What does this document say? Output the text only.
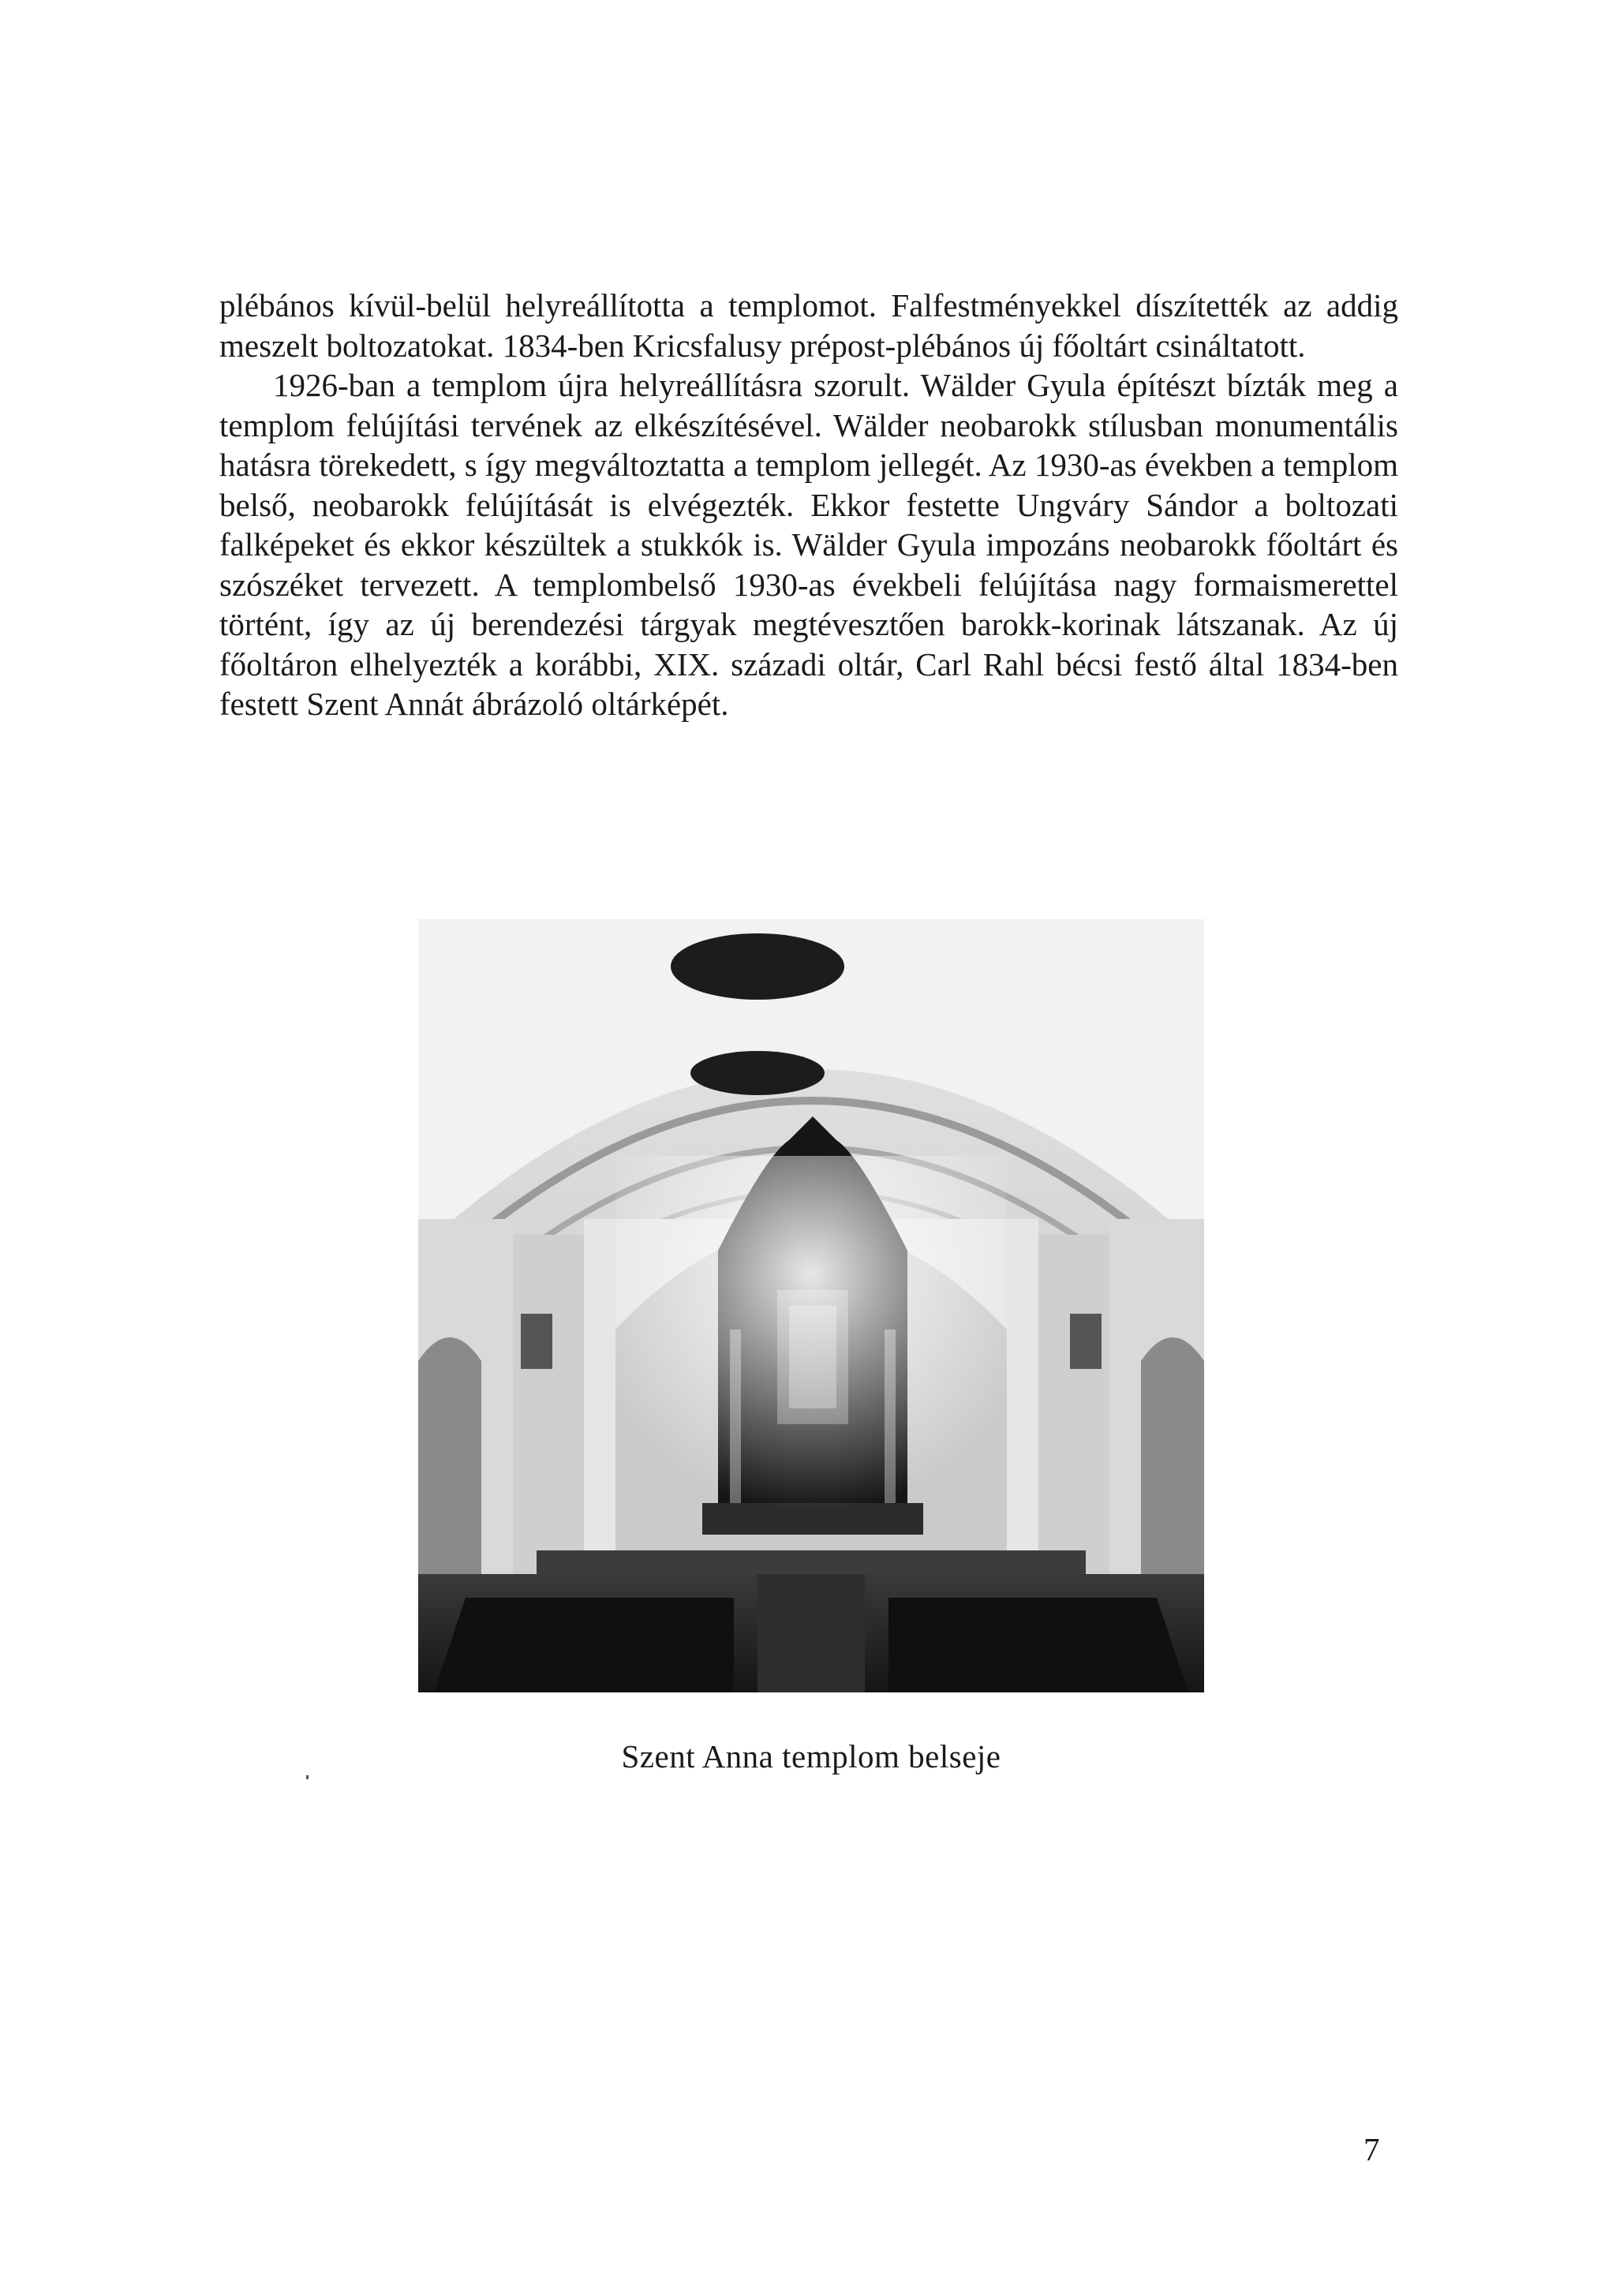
plébános kívül-belül helyreállította a templomot. Falfestményekkel díszítették az addig meszelt boltozatokat. 1834-ben Kricsfalusy prépost-plébános új főoltárt csináltatott.

1926-ban a templom újra helyreállításra szorult. Wälder Gyula építészt bízták meg a templom felújítási tervének az elkészítésével. Wälder neobarokk stílusban monumentális hatásra törekedett, s így megváltoztatta a templom jellegét. Az 1930-as években a templom belső, neobarokk felújítását is elvégezték. Ekkor festette Ungváry Sándor a boltozati falképeket és ekkor készültek a stukkók is. Wälder Gyula impozáns neobarokk főoltárt és szószéket tervezett. A templombelső 1930-as évekbeli felújítása nagy formaismerettel történt, így az új berendezési tárgyak megtévesztően barokk-korinak látszanak. Az új főoltáron elhelyezték a korábbi, XIX. századi oltár, Carl Rahl bécsi festő által 1834-ben festett Szent Annát ábrázoló oltárképét.

Szent Anna templom belseje
7
